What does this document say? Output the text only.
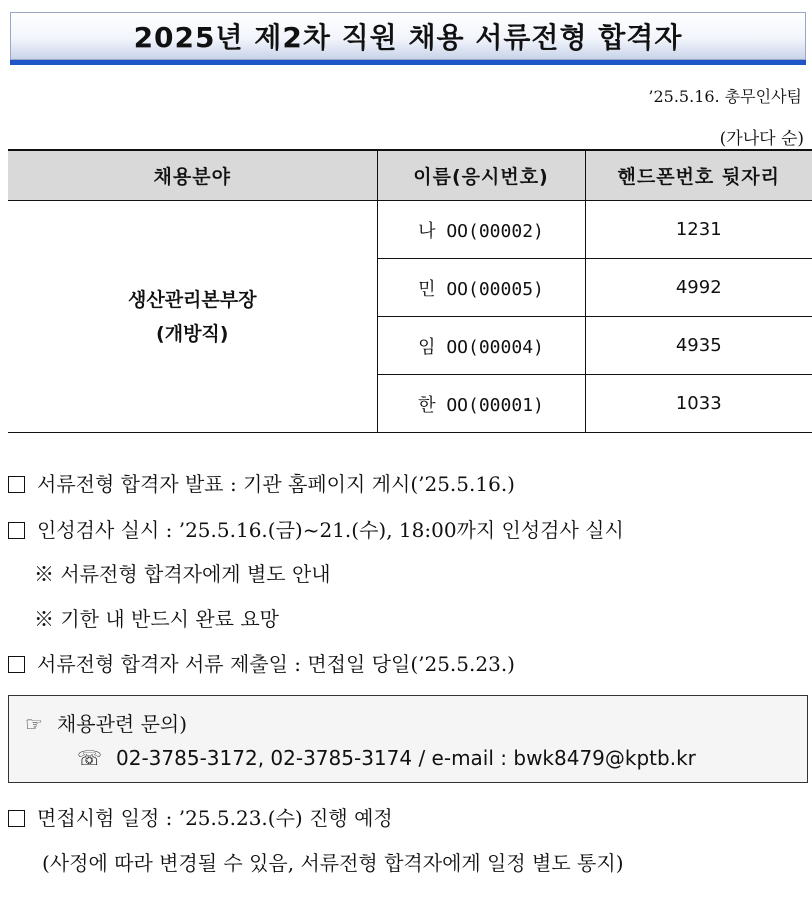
2025년 제2차 직원 채용 서류전형 합격자
’25.5.16. 총무인사팀
(가나다 순)
채용분야	이름(응시번호)	핸드폰번호 뒷자리

생산관리본부장
(개방직)	나 OO(00002)	1231
	민 OO(00005)	4992
	임 OO(00004)	4935
	한 OO(00001)	1033
서류전형 합격자 발표 : 기관 홈페이지 게시(’25.5.16.)
인성검사 실시 : ’25.5.16.(금)~21.(수), 18:00까지 인성검사 실시
※ 서류전형 합격자에게 별도 안내
※ 기한 내 반드시 완료 요망
서류전형 합격자 서류 제출일 : 면접일 당일(’25.5.23.)
☞ 채용관련 문의)
☏ 02-3785-3172, 02-3785-3174 / e-mail : bwk8479@kptb.kr
면접시험 일정 : ’25.5.23.(수) 진행 예정
(사정에 따라 변경될 수 있음, 서류전형 합격자에게 일정 별도 통지)
